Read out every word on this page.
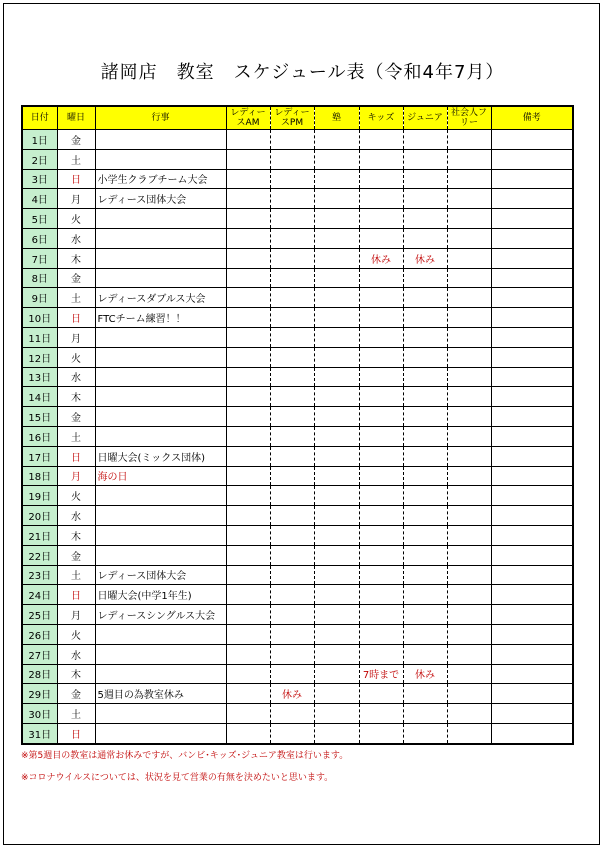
諸岡店　教室　スケジュール表（令和4年7月）
日付	曜日	行事	レディースAM	レディースPM	塾	キッズ	ジュニア	社会人フリー	備考
1日	金								
2日	土								
3日	日	小学生クラブチーム大会							
4日	月	レディース団体大会							
5日	火								
6日	水								
7日	木					休み	休み		
8日	金								
9日	土	レディースダブルス大会							
10日	日	FTCチーム練習！！							
11日	月								
12日	火								
13日	水								
14日	木								
15日	金								
16日	土								
17日	日	日曜大会(ミックス団体)							
18日	月	海の日							
19日	火								
20日	水								
21日	木								
22日	金								
23日	土	レディース団体大会							
24日	日	日曜大会(中学1年生)							
25日	月	レディースシングルス大会							
26日	火								
27日	水								
28日	木					7時まで	休み		
29日	金	5週目の為教室休み		休み					
30日	土								
31日	日								
※第5週目の教室は通常お休みですが、バンビ･キッズ･ジュニア教室は行います。
※コロナウイルスについては、状況を見て営業の有無を決めたいと思います。
